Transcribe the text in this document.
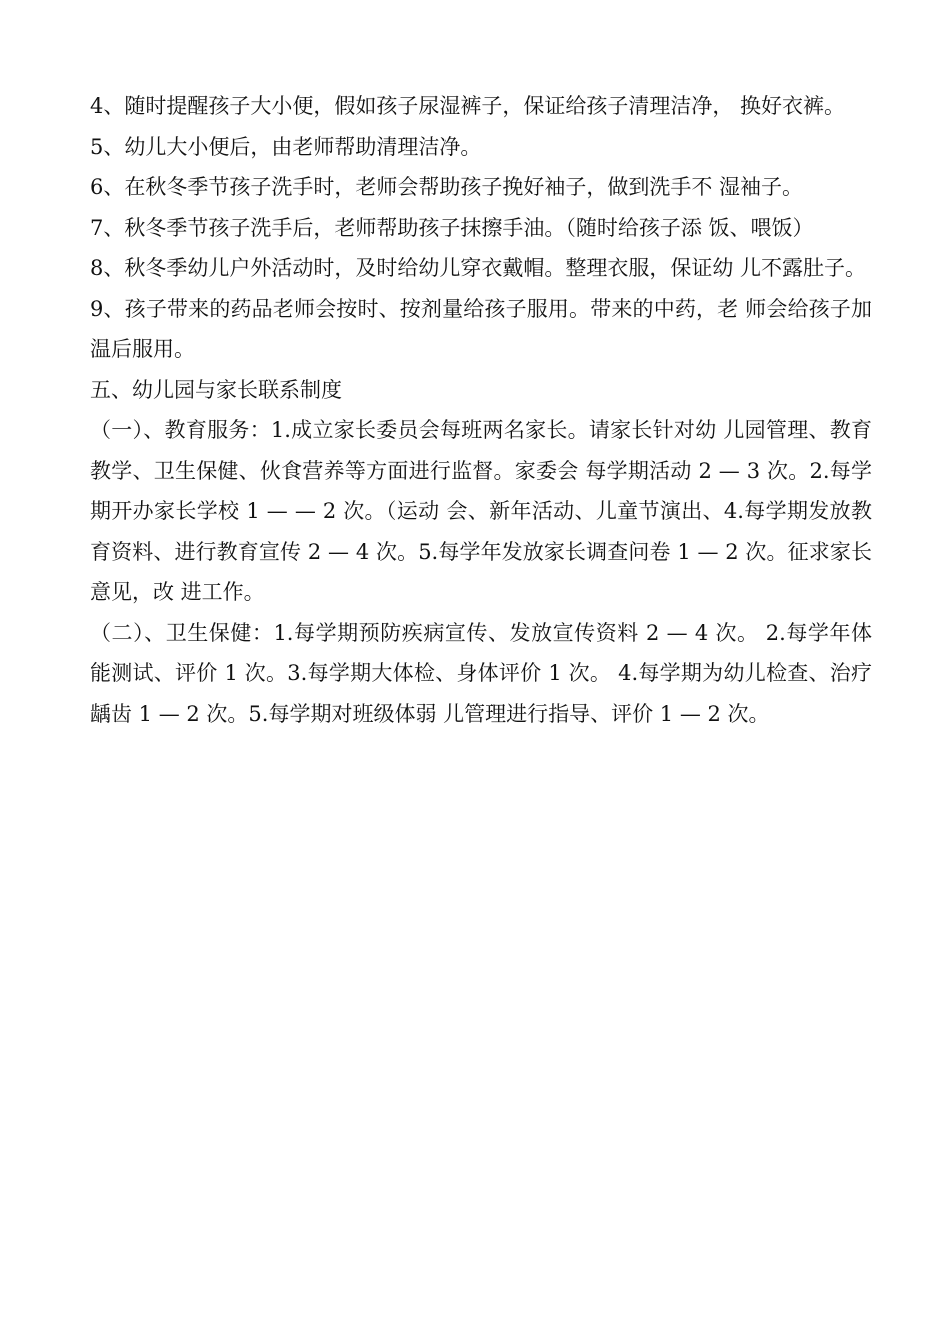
4、随时提醒孩子大小便，假如孩子尿湿裤子，保证给孩子清理洁净， 换好衣裤。

5、幼儿大小便后，由老师帮助清理洁净。

6、在秋冬季节孩子洗手时，老师会帮助孩子挽好袖子，做到洗手不 湿袖子。

7、秋冬季节孩子洗手后，老师帮助孩子抹擦手油。（随时给孩子添 饭、喂饭）

8、秋冬季幼儿户外活动时，及时给幼儿穿衣戴帽。整理衣服，保证幼 儿不露肚子。

9、孩子带来的药品老师会按时、按剂量给孩子服用。带来的中药，老 师会给孩子加温后服用。

五、幼儿园与家长联系制度

（一）、教育服务：1.成立家长委员会每班两名家长。请家长针对幼 儿园管理、教育教学、卫生保健、伙食营养等方面进行监督。家委会 每学期活动 2 — 3 次。2.每学期开办家长学校 1 — — 2 次。（运动 会、新年活动、儿童节演出、4.每学期发放教育资料、进行教育宣传 2 — 4 次。5.每学年发放家长调查问卷 1 — 2 次。征求家长意见，改 进工作。

（二）、卫生保健：1.每学期预防疾病宣传、发放宣传资料 2 — 4 次。 2.每学年体能测试、评价 1 次。3.每学期大体检、身体评价 1 次。 4.每学期为幼儿检查、治疗龋齿 1 — 2 次。5.每学期对班级体弱 儿管理进行指导、评价 1 — 2 次。
